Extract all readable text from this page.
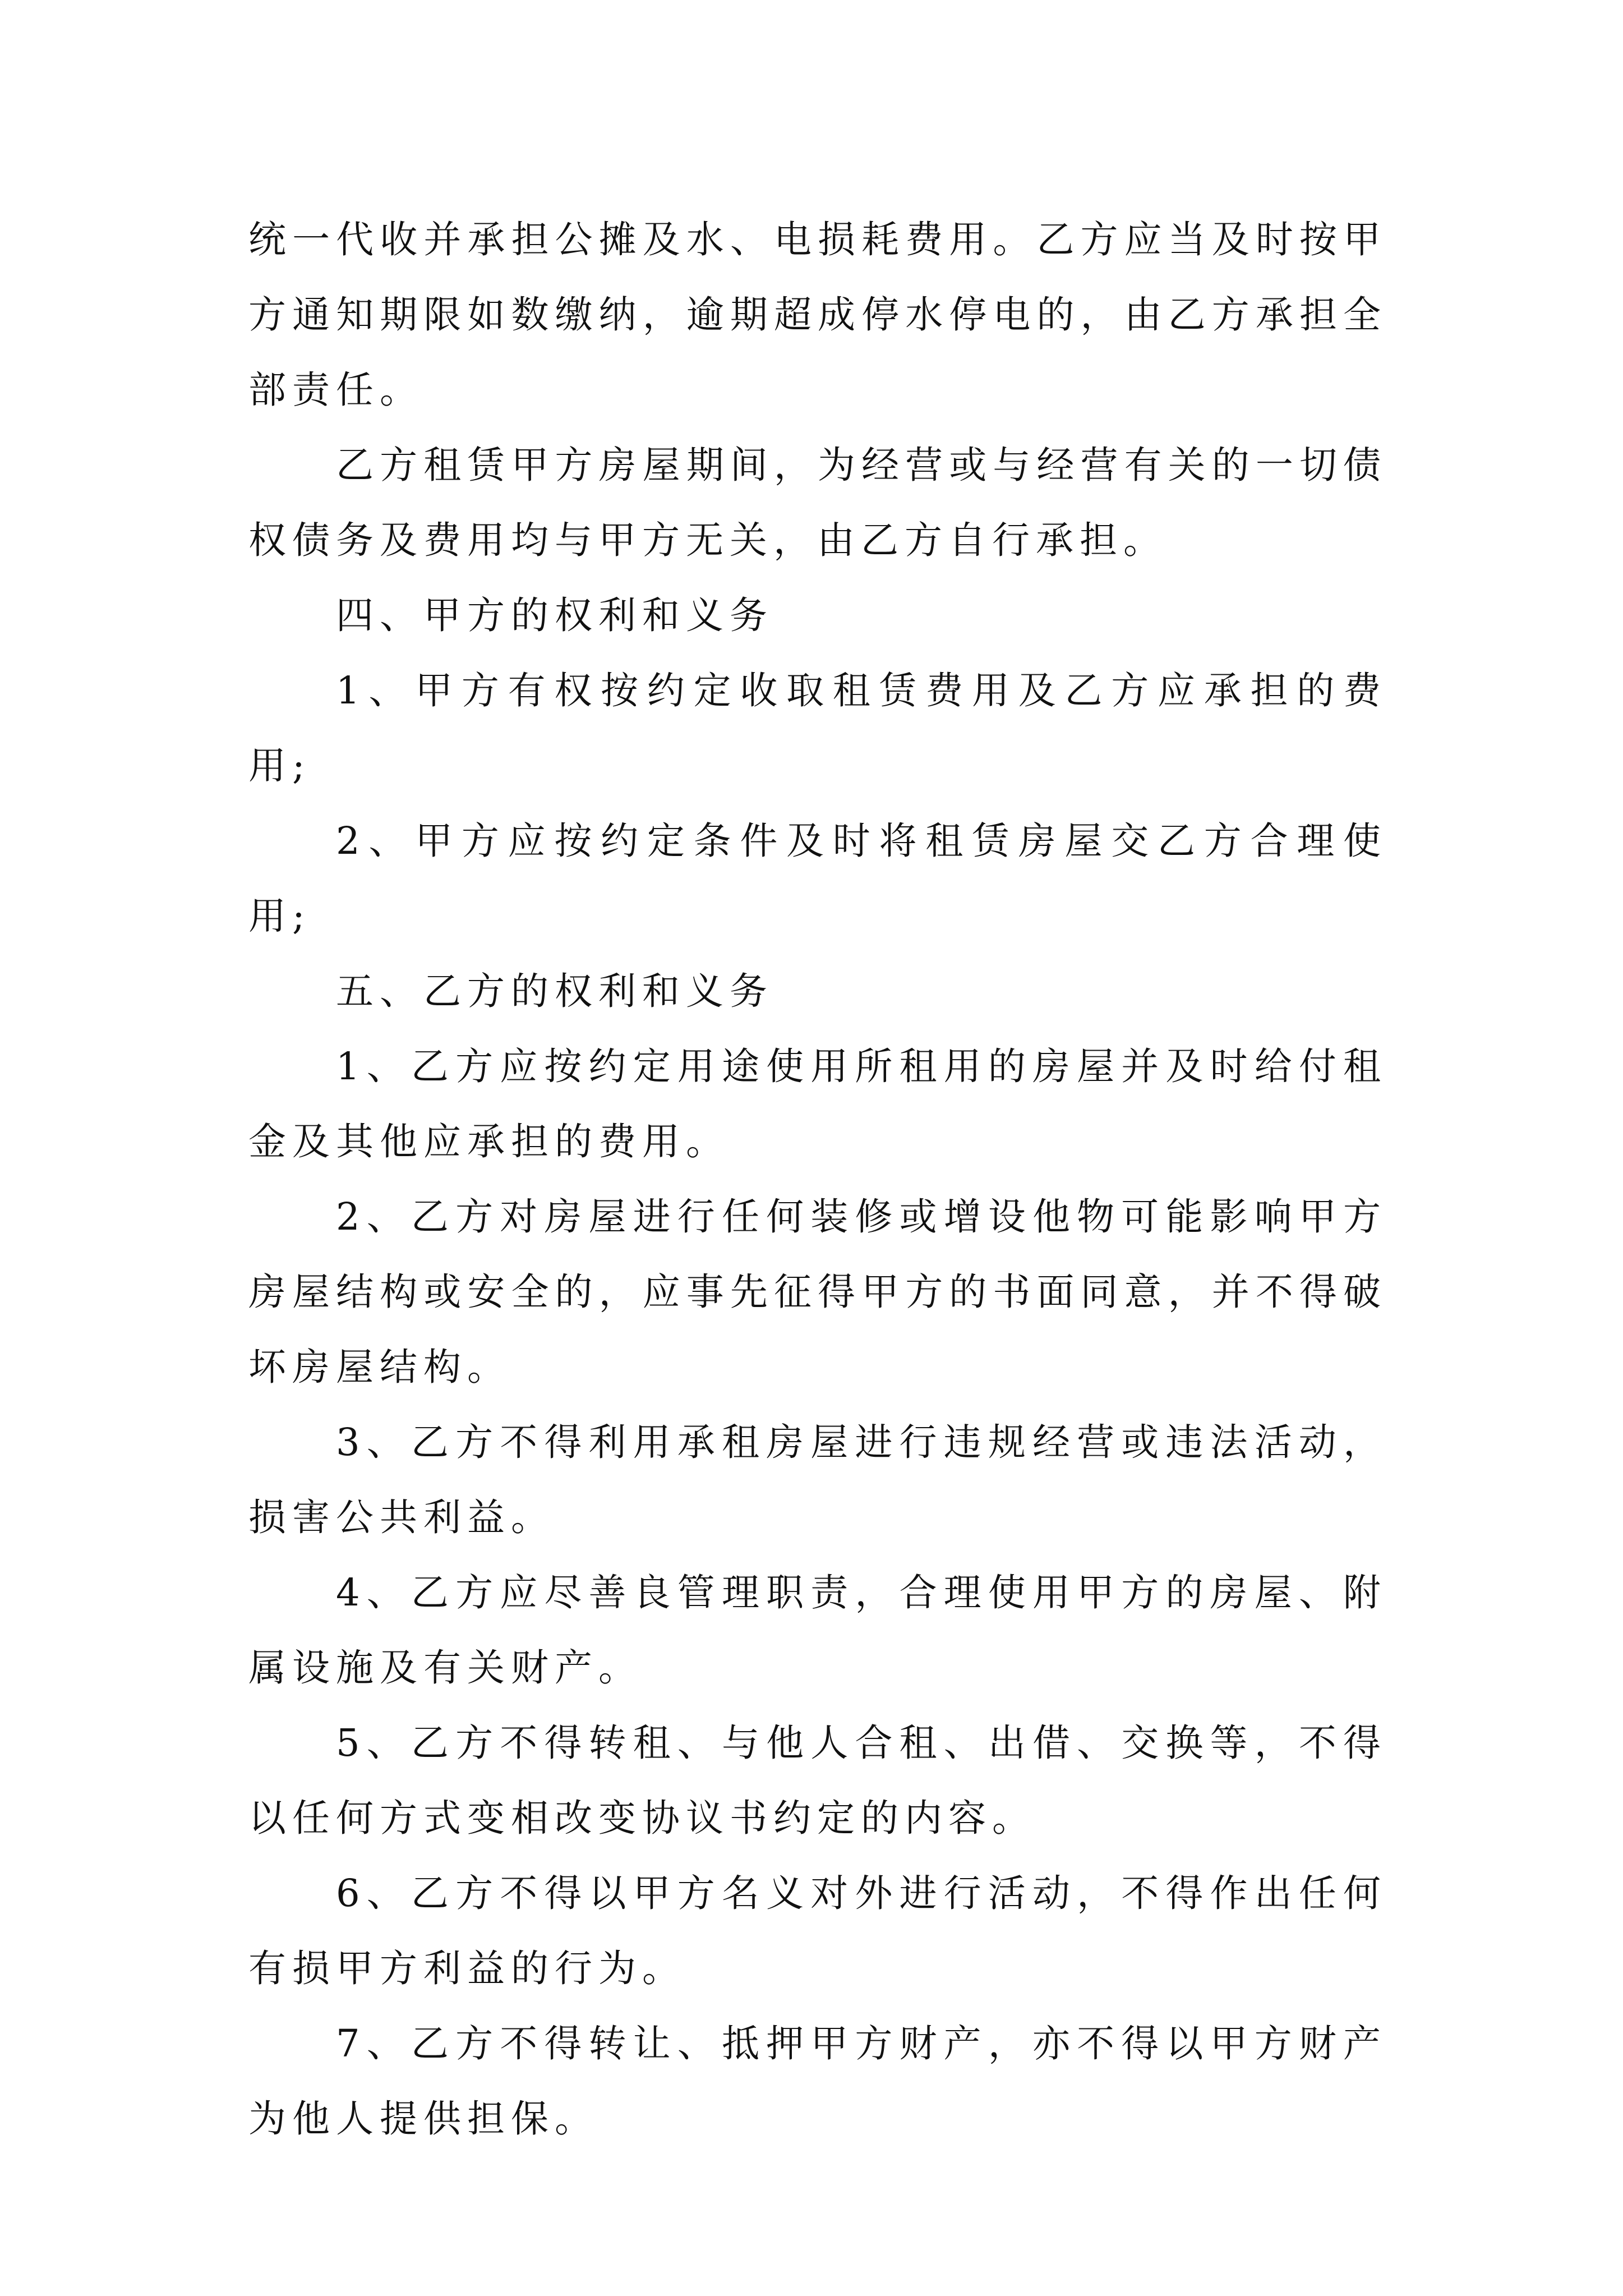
统一代收并承担公摊及水、电损耗费用。乙方应当及时按甲方通知期限如数缴纳，逾期超成停水停电的，由乙方承担全部责任。

乙方租赁甲方房屋期间，为经营或与经营有关的一切债权债务及费用均与甲方无关，由乙方自行承担。

四、甲方的权利和义务

1、甲方有权按约定收取租赁费用及乙方应承担的费用;

2、甲方应按约定条件及时将租赁房屋交乙方合理使用;

五、乙方的权利和义务

1、乙方应按约定用途使用所租用的房屋并及时给付租金及其他应承担的费用。

2、乙方对房屋进行任何装修或增设他物可能影响甲方房屋结构或安全的，应事先征得甲方的书面同意，并不得破坏房屋结构。

3、乙方不得利用承租房屋进行违规经营或违法活动，损害公共利益。

4、乙方应尽善良管理职责，合理使用甲方的房屋、附属设施及有关财产。

5、乙方不得转租、与他人合租、出借、交换等，不得以任何方式变相改变协议书约定的内容。

6、乙方不得以甲方名义对外进行活动，不得作出任何有损甲方利益的行为。

7、乙方不得转让、抵押甲方财产，亦不得以甲方财产为他人提供担保。
